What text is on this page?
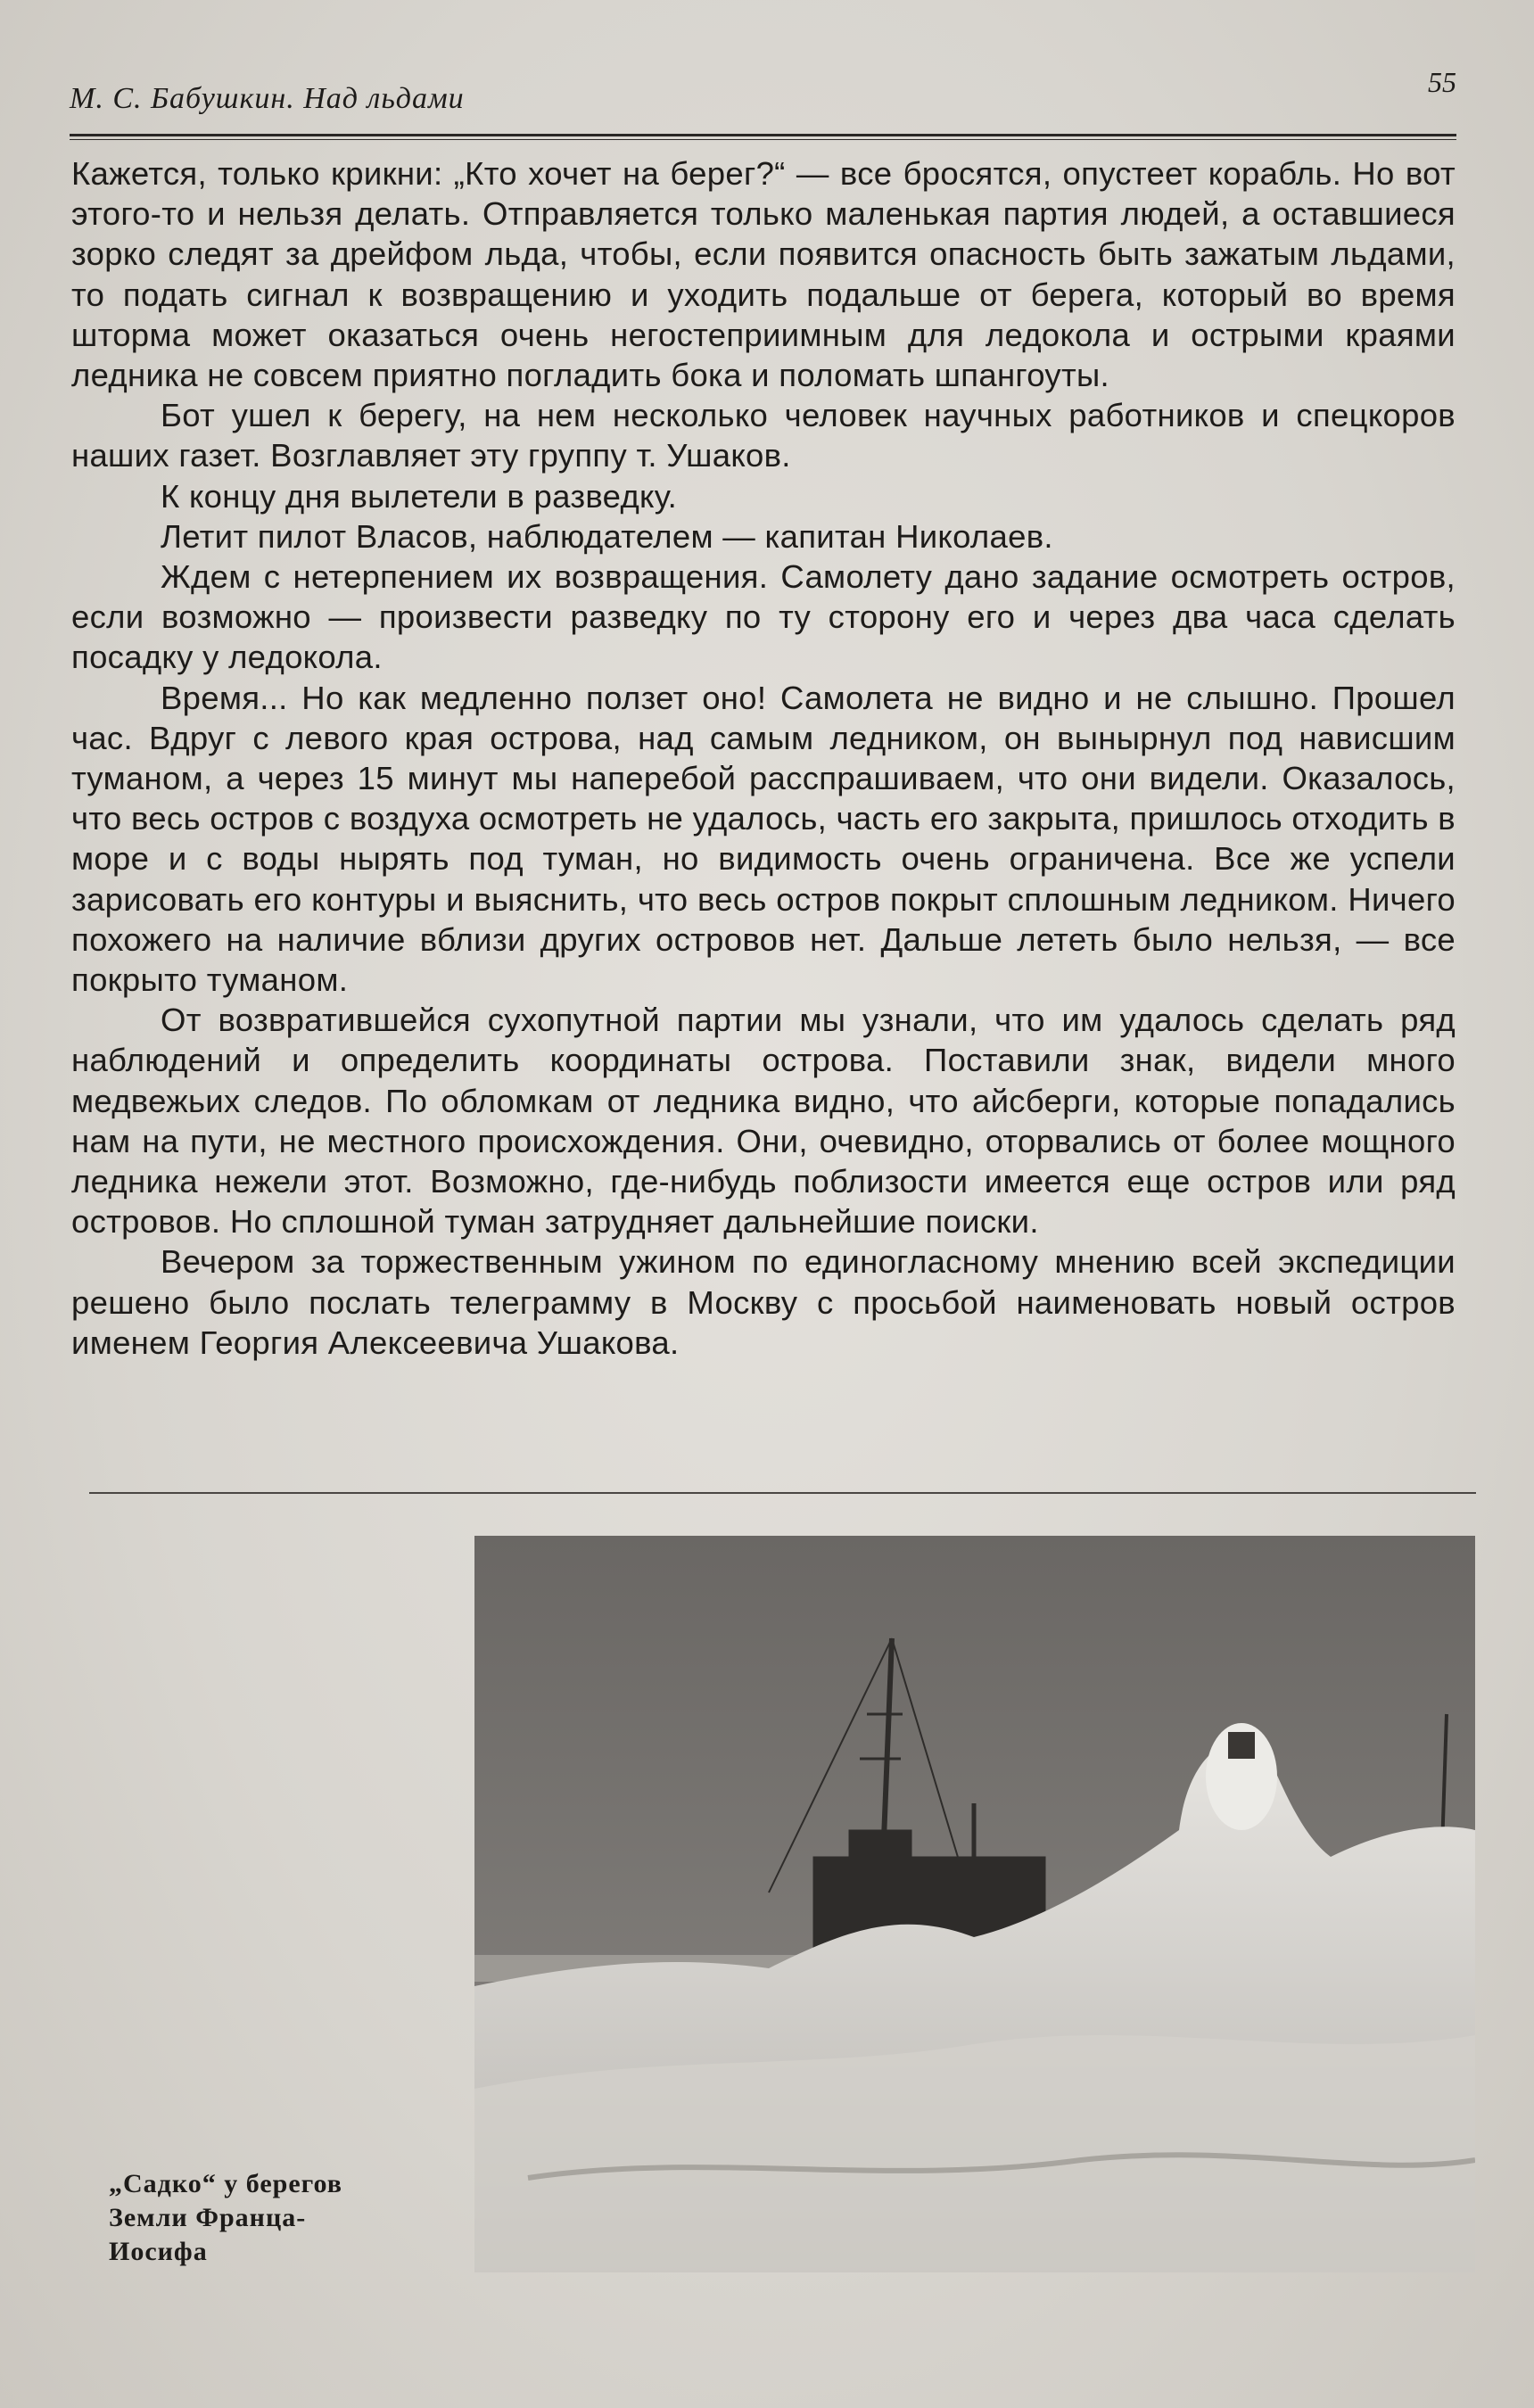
М. С. Бабушкин. Над льдами	55

Кажется, только крикни: „Кто хочет на берег?“ — все бросятся, опустеет корабль. Но вот этого-то и нельзя делать. Отправляется только маленькая партия людей, а оставшиеся зорко следят за дрейфом льда, чтобы, если появится опасность быть зажатым льдами, то подать сигнал к возвращению и уходить подальше от берега, который во время шторма может оказаться очень негостеприимным для ледокола и острыми краями ледника не совсем приятно погладить бока и поломать шпангоуты.

Бот ушел к берегу, на нем несколько человек научных работников и спецкоров наших газет. Возглавляет эту группу т. Ушаков.

К концу дня вылетели в разведку.

Летит пилот Власов, наблюдателем — капитан Николаев.

Ждем с нетерпением их возвращения. Самолету дано задание осмотреть остров, если возможно — произвести разведку по ту сторону его и через два часа сделать посадку у ледокола.

Время... Но как медленно ползет оно! Самолета не видно и не слышно. Прошел час. Вдруг с левого края острова, над самым ледником, он вынырнул под нависшим туманом, а через 15 минут мы наперебой расспрашиваем, что они видели. Оказалось, что весь остров с воздуха осмотреть не удалось, часть его закрыта, пришлось отходить в море и с воды нырять под туман, но видимость очень ограничена. Все же успели зарисовать его контуры и выяснить, что весь остров покрыт сплошным ледником. Ничего похожего на наличие вблизи других островов нет. Дальше лететь было нельзя, — все покрыто туманом.

От возвратившейся сухопутной партии мы узнали, что им удалось сделать ряд наблюдений и определить координаты острова. Поставили знак, видели много медвежьих следов. По обломкам от ледника видно, что айсберги, которые попадались нам на пути, не местного происхождения. Они, очевидно, оторвались от более мощного ледника нежели этот. Возможно, где-нибудь поблизости имеется еще остров или ряд островов. Но сплошной туман затрудняет дальнейшие поиски.

Вечером за торжественным ужином по единогласному мнению всей экспедиции решено было послать телеграмму в Москву с просьбой наименовать новый остров именем Георгия Алексеевича Ушакова.

„Садко“ у берегов
Земли Франца-
Иосифа
